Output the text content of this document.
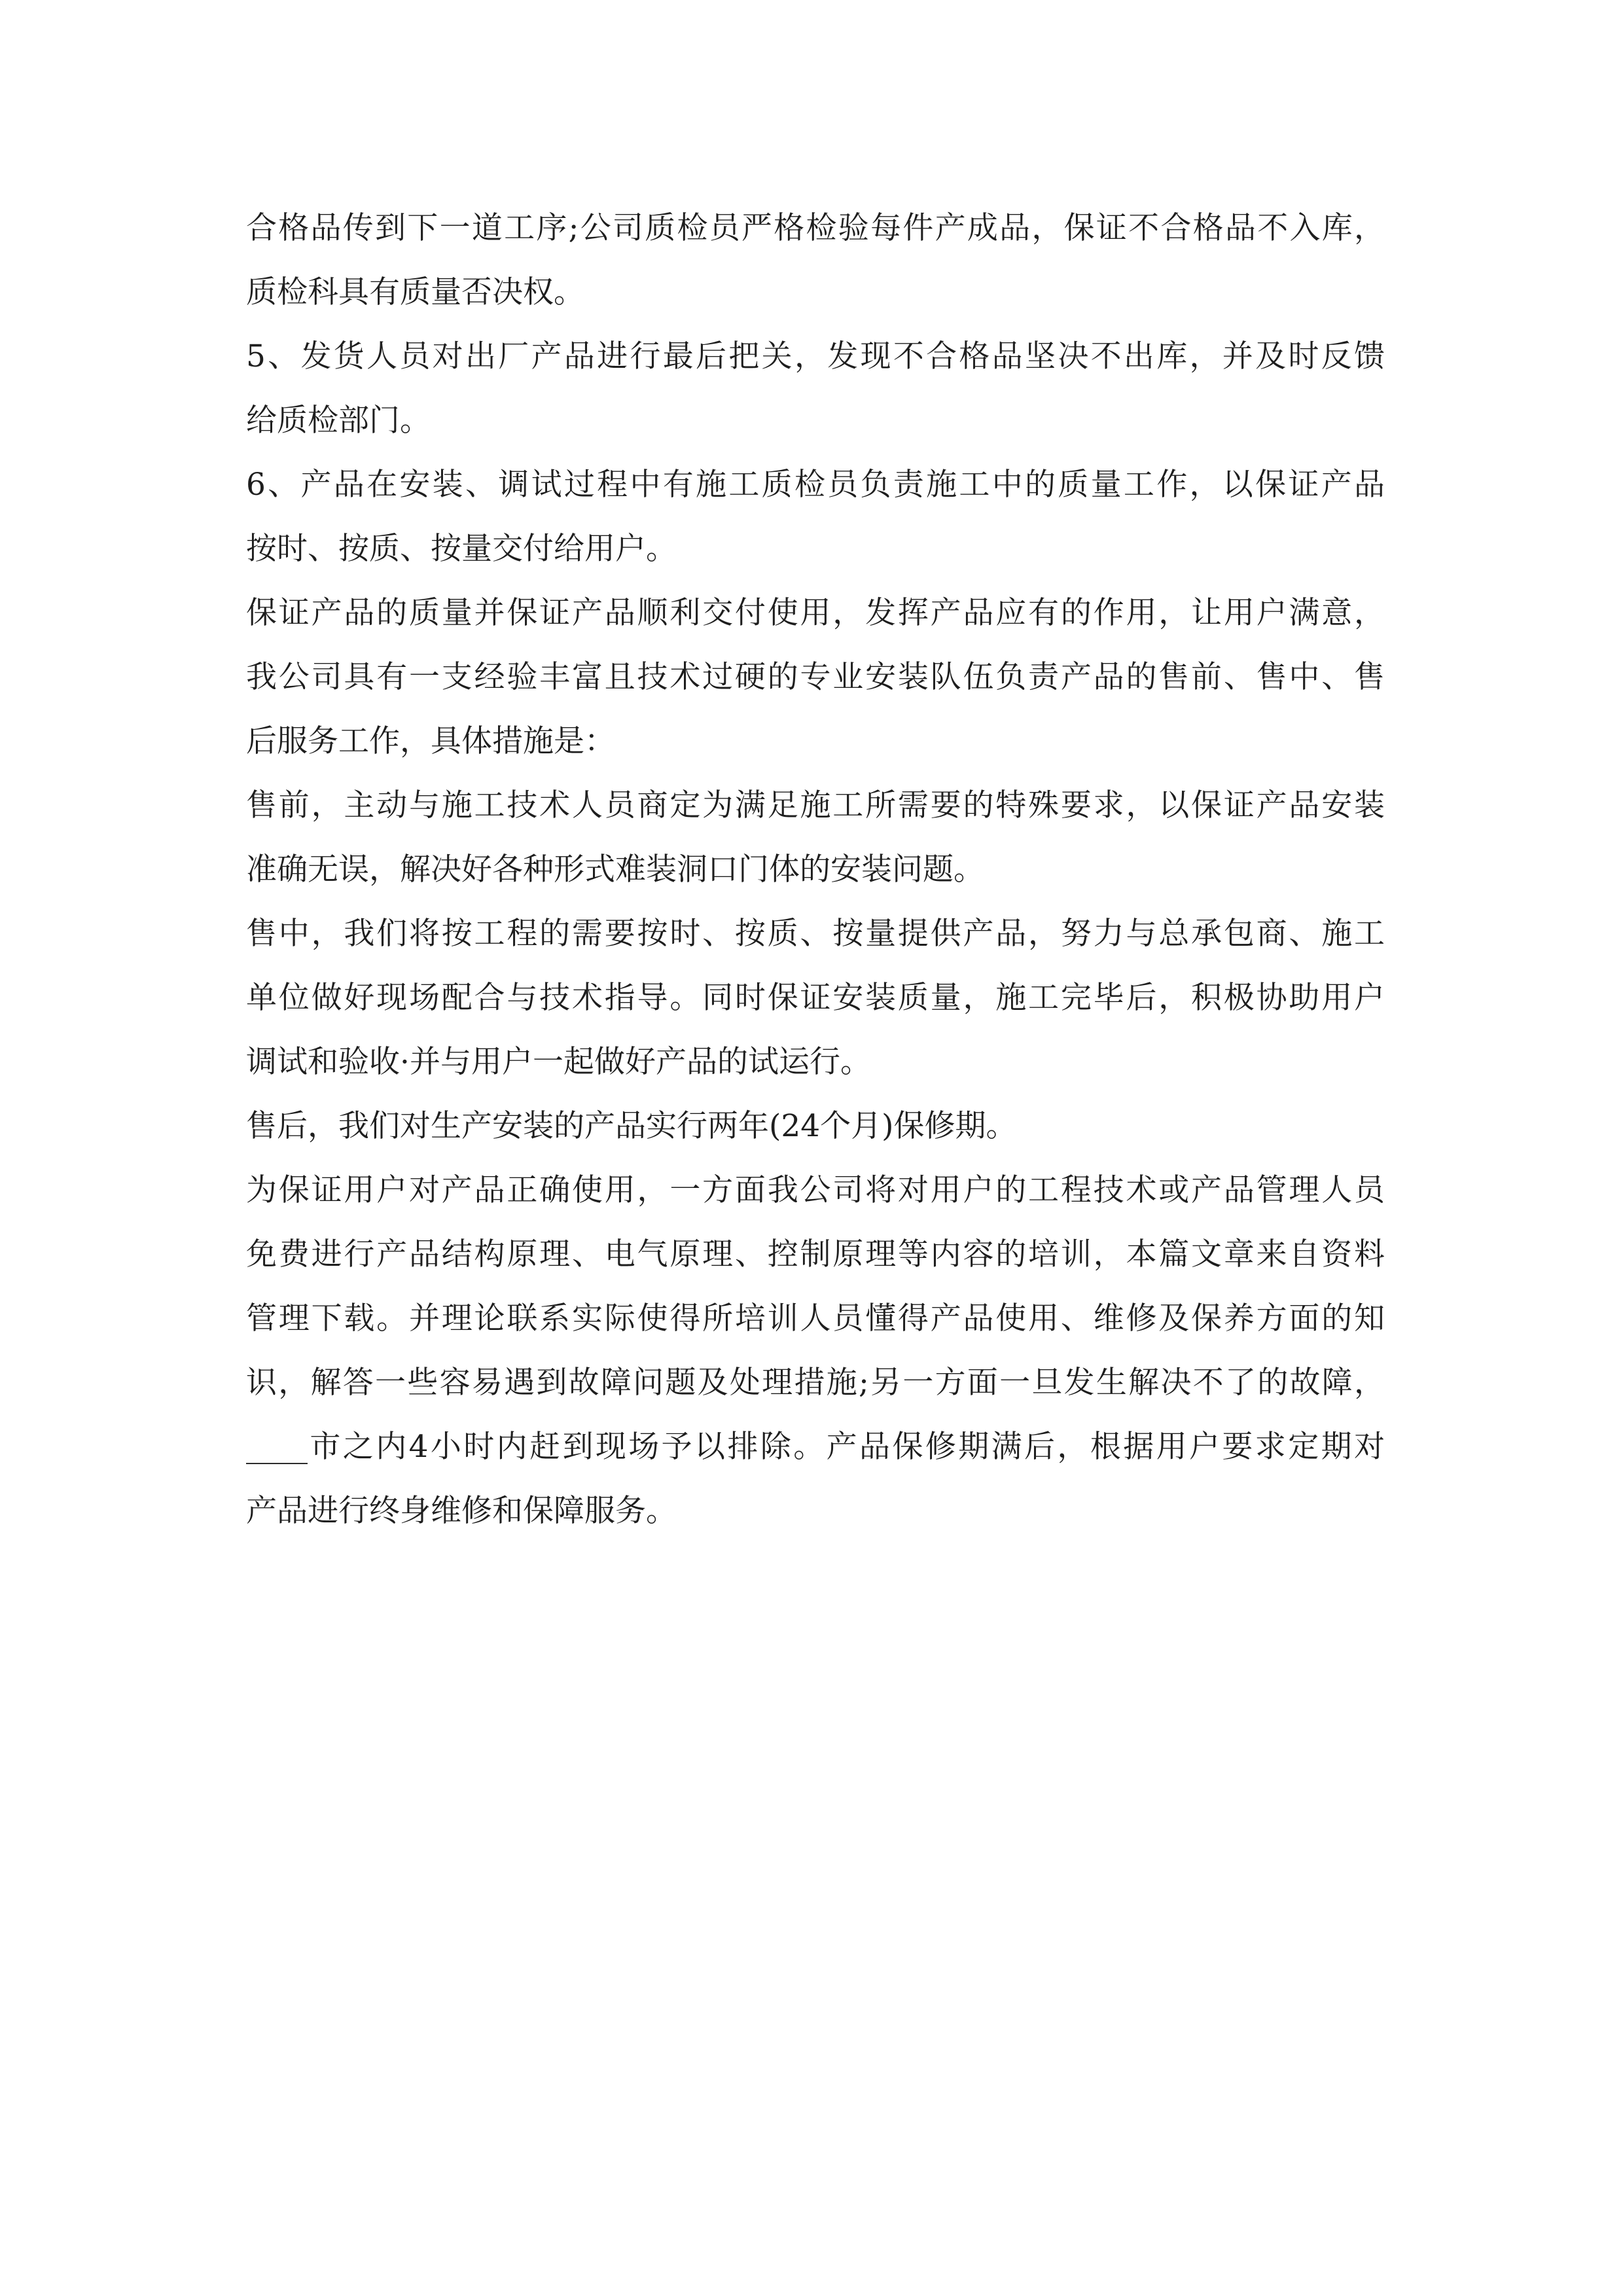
合格品传到下一道工序;公司质检员严格检验每件产成品，保证不合格品不入库，
质检科具有质量否决权。
5、发货人员对出厂产品进行最后把关，发现不合格品坚决不出库，并及时反馈
给质检部门。
6、产品在安装、调试过程中有施工质检员负责施工中的质量工作，以保证产品
按时、按质、按量交付给用户。
保证产品的质量并保证产品顺利交付使用，发挥产品应有的作用，让用户满意，
我公司具有一支经验丰富且技术过硬的专业安装队伍负责产品的售前、售中、售
后服务工作，具体措施是：
售前，主动与施工技术人员商定为满足施工所需要的特殊要求，以保证产品安装
准确无误，解决好各种形式难装洞口门体的安装问题。
售中，我们将按工程的需要按时、按质、按量提供产品，努力与总承包商、施工
单位做好现场配合与技术指导。同时保证安装质量，施工完毕后，积极协助用户
调试和验收·并与用户一起做好产品的试运行。
售后，我们对生产安装的产品实行两年(24个月)保修期。
为保证用户对产品正确使用，一方面我公司将对用户的工程技术或产品管理人员
免费进行产品结构原理、电气原理、控制原理等内容的培训，本篇文章来自资料
管理下载。并理论联系实际使得所培训人员懂得产品使用、维修及保养方面的知
识，解答一些容易遇到故障问题及处理措施;另一方面一旦发生解决不了的故障，
____市之内4小时内赶到现场予以排除。产品保修期满后，根据用户要求定期对
产品进行终身维修和保障服务。
